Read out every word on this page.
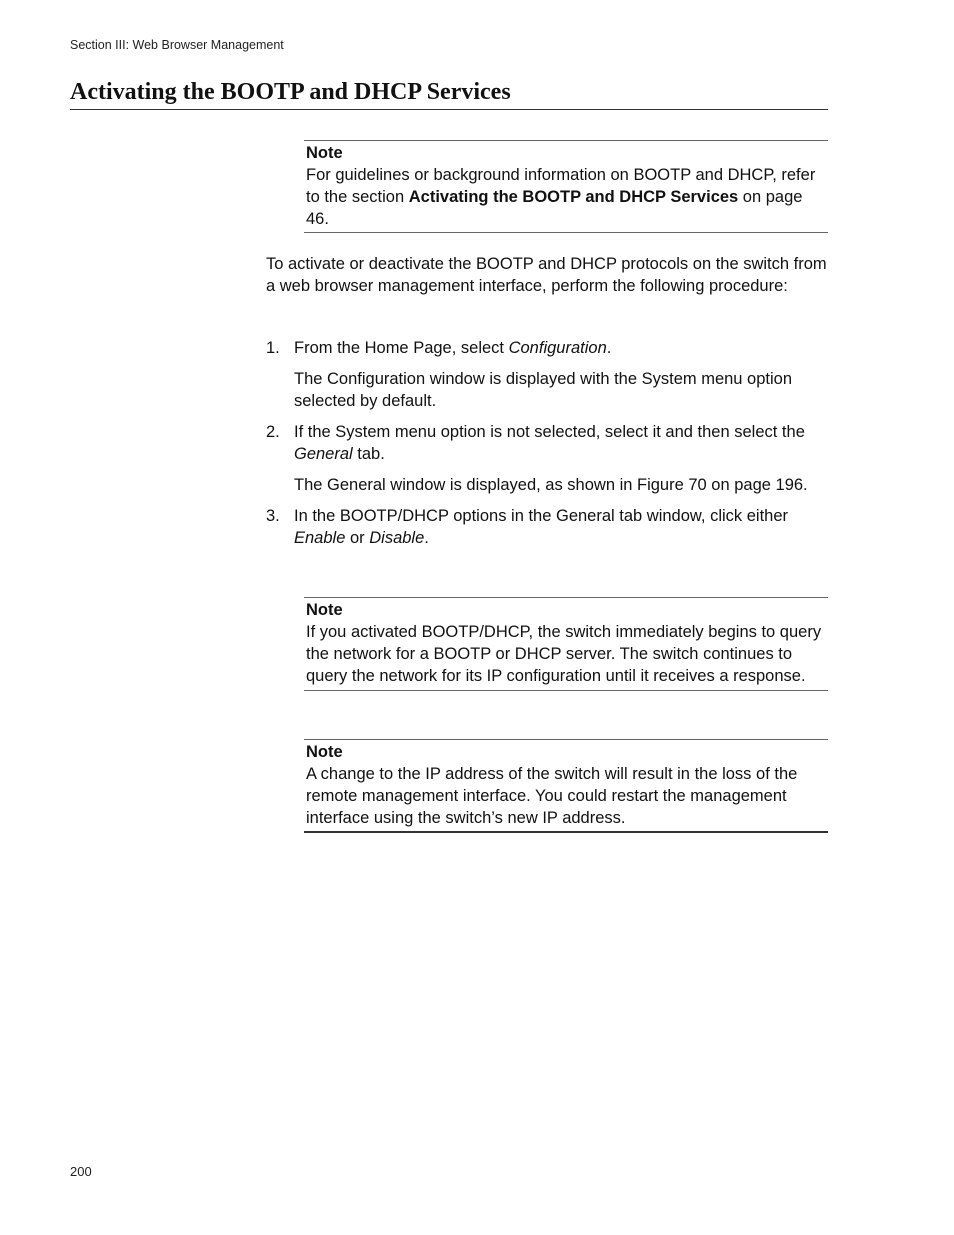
Section III: Web Browser Management
Activating the BOOTP and DHCP Services
Note
For guidelines or background information on BOOTP and DHCP, refer to the section Activating the BOOTP and DHCP Services on page 46.

To activate or deactivate the BOOTP and DHCP protocols on the switch from a web browser management interface, perform the following procedure:

1. From the Home Page, select Configuration.

The Configuration window is displayed with the System menu option selected by default.

2. If the System menu option is not selected, select it and then select the General tab.

The General window is displayed, as shown in Figure 70 on page 196.

3. In the BOOTP/DHCP options in the General tab window, click either Enable or Disable.

Note
If you activated BOOTP/DHCP, the switch immediately begins to query the network for a BOOTP or DHCP server. The switch continues to query the network for its IP configuration until it receives a response.
Note
A change to the IP address of the switch will result in the loss of the remote management interface. You could restart the management interface using the switch’s new IP address.
200
